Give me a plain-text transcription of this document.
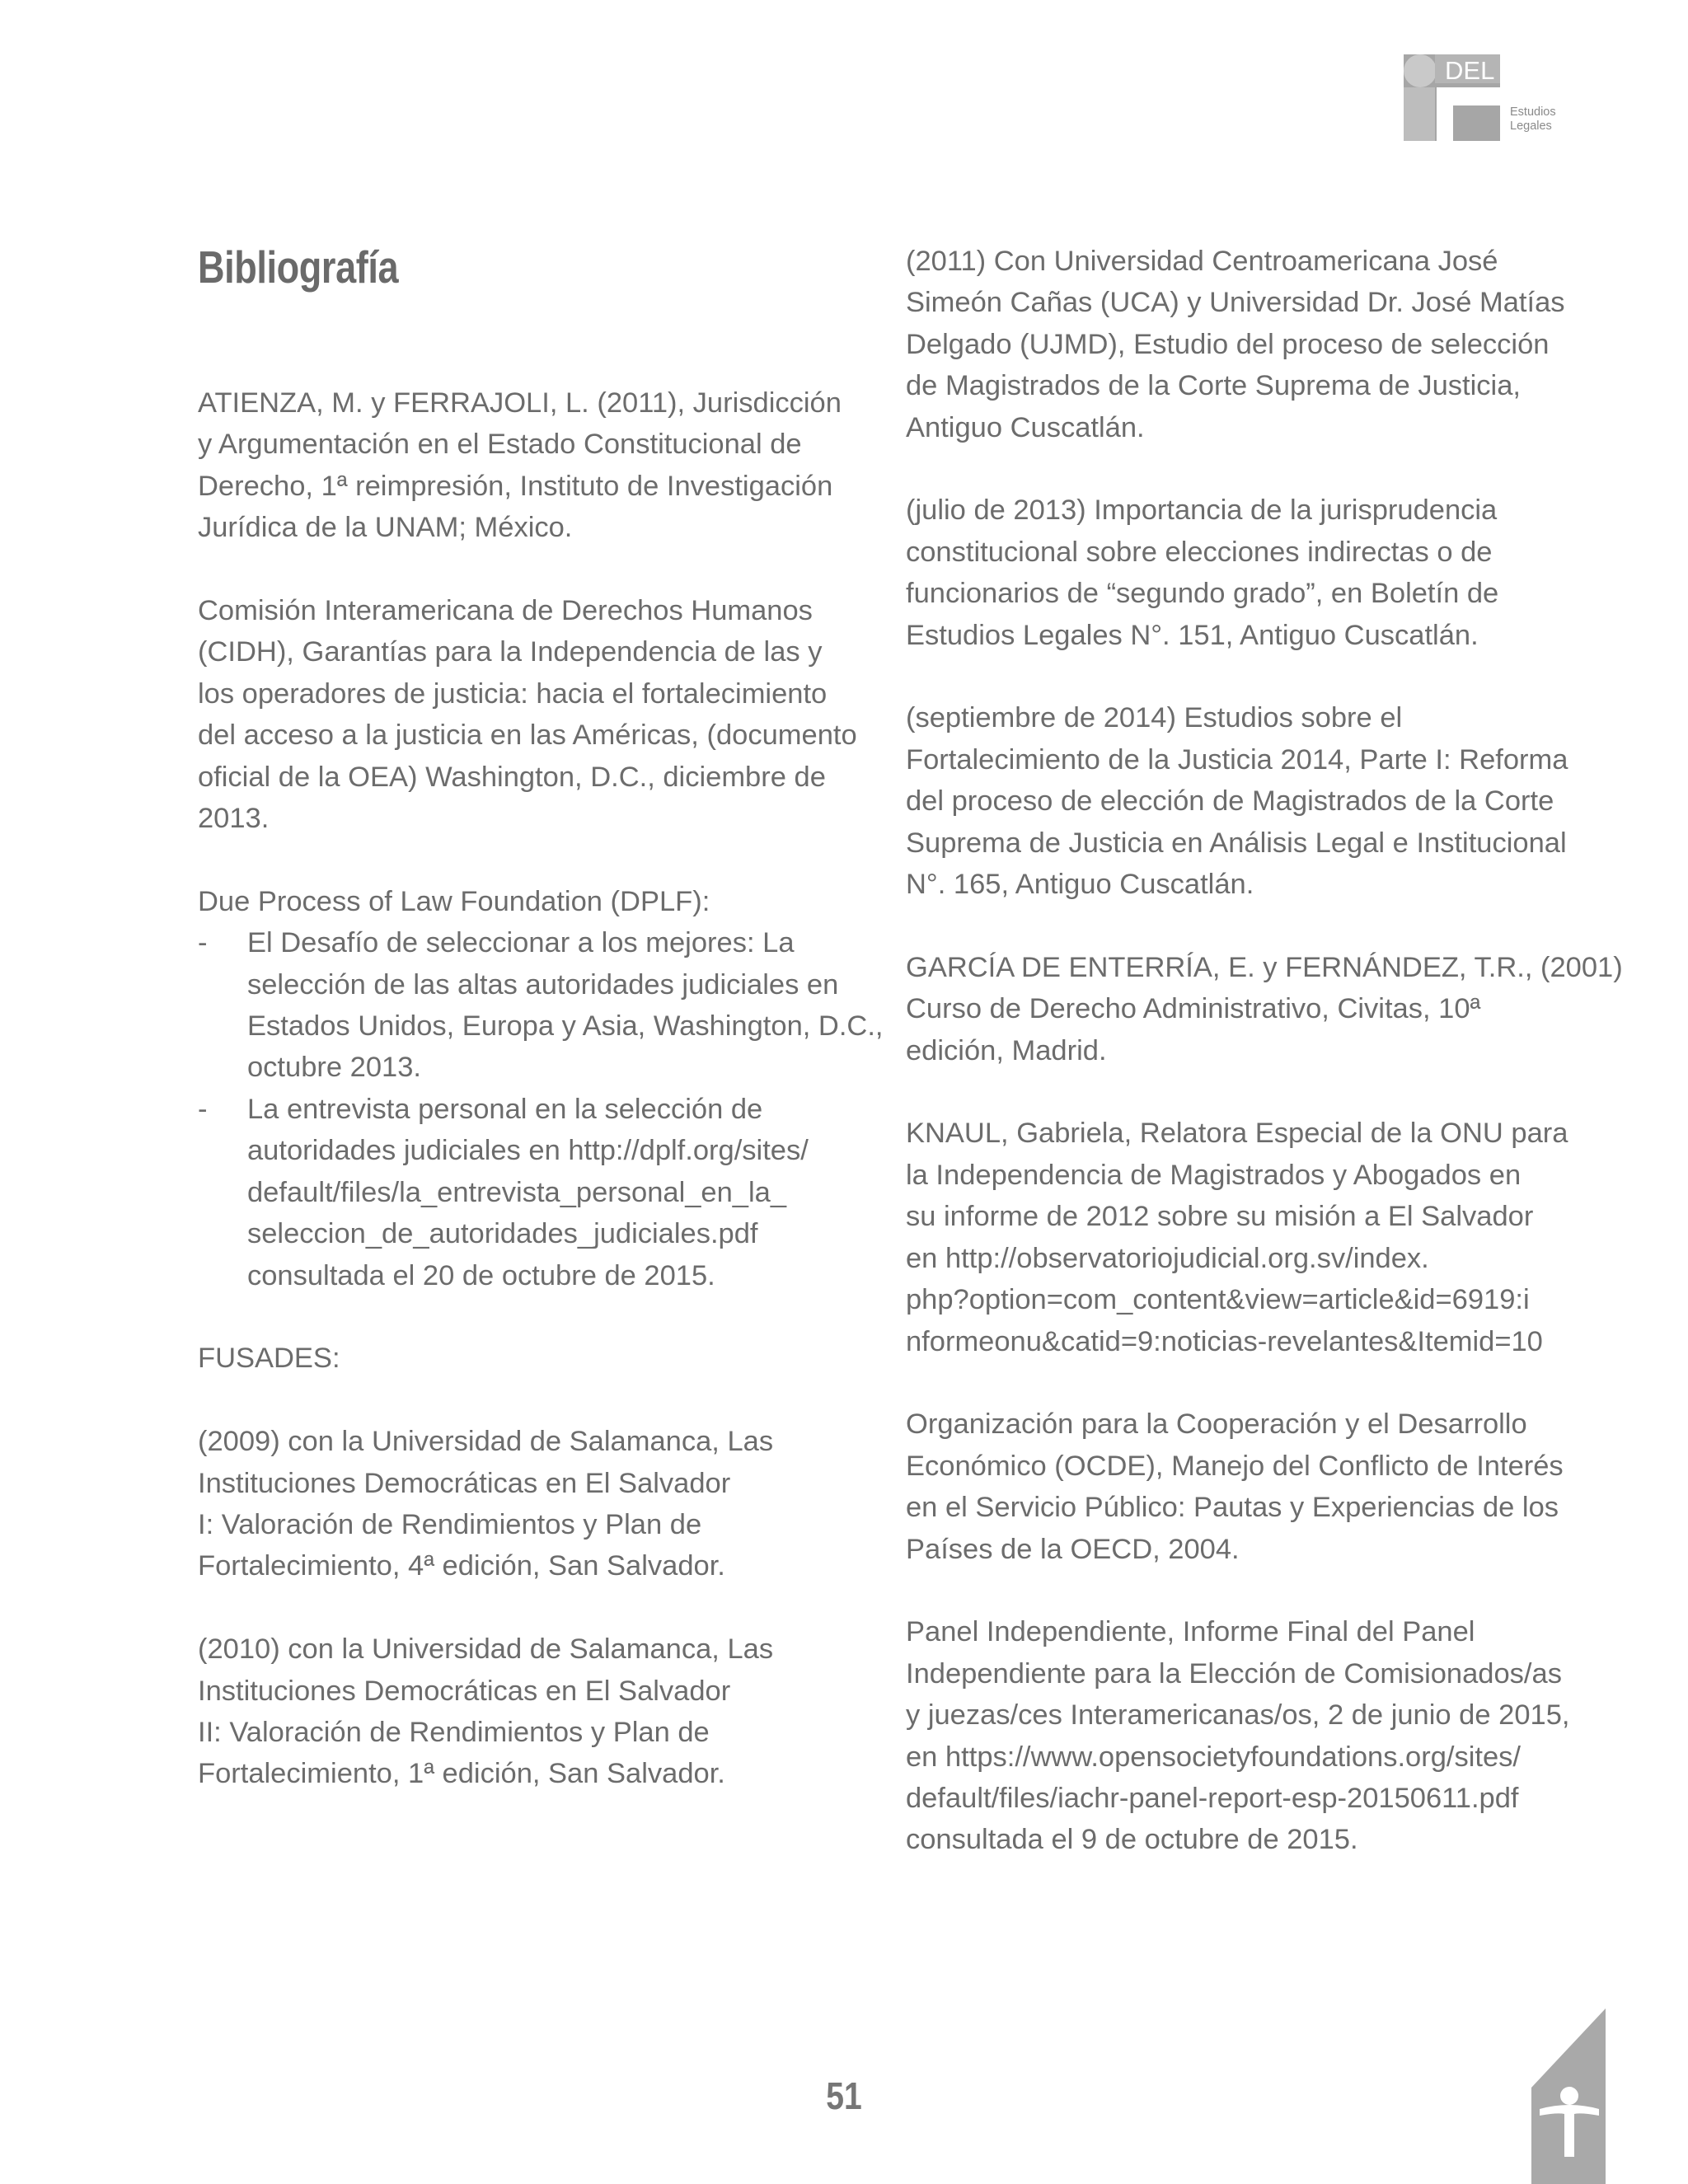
DEL
Estudios
Legales
Bibliografía
ATIENZA, M. y FERRAJOLI, L. (2011), Jurisdicción
y Argumentación en el Estado Constitucional de
Derecho, 1ª reimpresión, Instituto de Investigación
Jurídica de la UNAM; México.
Comisión Interamericana de Derechos Humanos
(CIDH), Garantías para la Independencia de las y
los operadores de justicia: hacia el fortalecimiento
del acceso a la justicia en las Américas, (documento
oficial de la OEA) Washington, D.C., diciembre de
2013.
Due Process of Law Foundation (DPLF):
- El Desafío de seleccionar a los mejores: La
selección de las altas autoridades judiciales en
Estados Unidos, Europa y Asia, Washington, D.C.,
octubre 2013.
- La entrevista personal en la selección de
autoridades judiciales en http://dplf.org/sites/
default/files/la_entrevista_personal_en_la_
seleccion_de_autoridades_judiciales.pdf
consultada el 20 de octubre de 2015.
FUSADES:
(2009) con la Universidad de Salamanca, Las
Instituciones Democráticas en El Salvador
I: Valoración de Rendimientos y Plan de
Fortalecimiento, 4ª edición, San Salvador.
(2010) con la Universidad de Salamanca, Las
Instituciones Democráticas en El Salvador
II: Valoración de Rendimientos y Plan de
Fortalecimiento, 1ª edición, San Salvador.
(2011) Con Universidad Centroamericana José
Simeón Cañas (UCA) y Universidad Dr. José Matías
Delgado (UJMD), Estudio del proceso de selección
de Magistrados de la Corte Suprema de Justicia,
Antiguo Cuscatlán.
(julio de 2013) Importancia de la jurisprudencia
constitucional sobre elecciones indirectas o de
funcionarios de “segundo grado”, en Boletín de
Estudios Legales N°. 151, Antiguo Cuscatlán.
(septiembre de 2014) Estudios sobre el
Fortalecimiento de la Justicia 2014, Parte I: Reforma
del proceso de elección de Magistrados de la Corte
Suprema de Justicia en Análisis Legal e Institucional
N°. 165, Antiguo Cuscatlán.
GARCÍA DE ENTERRÍA, E. y FERNÁNDEZ, T.R., (2001)
Curso de Derecho Administrativo, Civitas, 10ª
edición, Madrid.
KNAUL, Gabriela, Relatora Especial de la ONU para
la Independencia de Magistrados y Abogados en
su informe de 2012 sobre su misión a El Salvador
en http://observatoriojudicial.org.sv/index.
php?option=com_content&view=article&id=6919:i
nformeonu&catid=9:noticias-revelantes&Itemid=10
Organización para la Cooperación y el Desarrollo
Económico (OCDE), Manejo del Conflicto de Interés
en el Servicio Público: Pautas y Experiencias de los
Países de la OECD, 2004.
Panel Independiente, Informe Final del Panel
Independiente para la Elección de Comisionados/as
y juezas/ces Interamericanas/os, 2 de junio de 2015,
en https://www.opensocietyfoundations.org/sites/
default/files/iachr-panel-report-esp-20150611.pdf
consultada el 9 de octubre de 2015.
51
